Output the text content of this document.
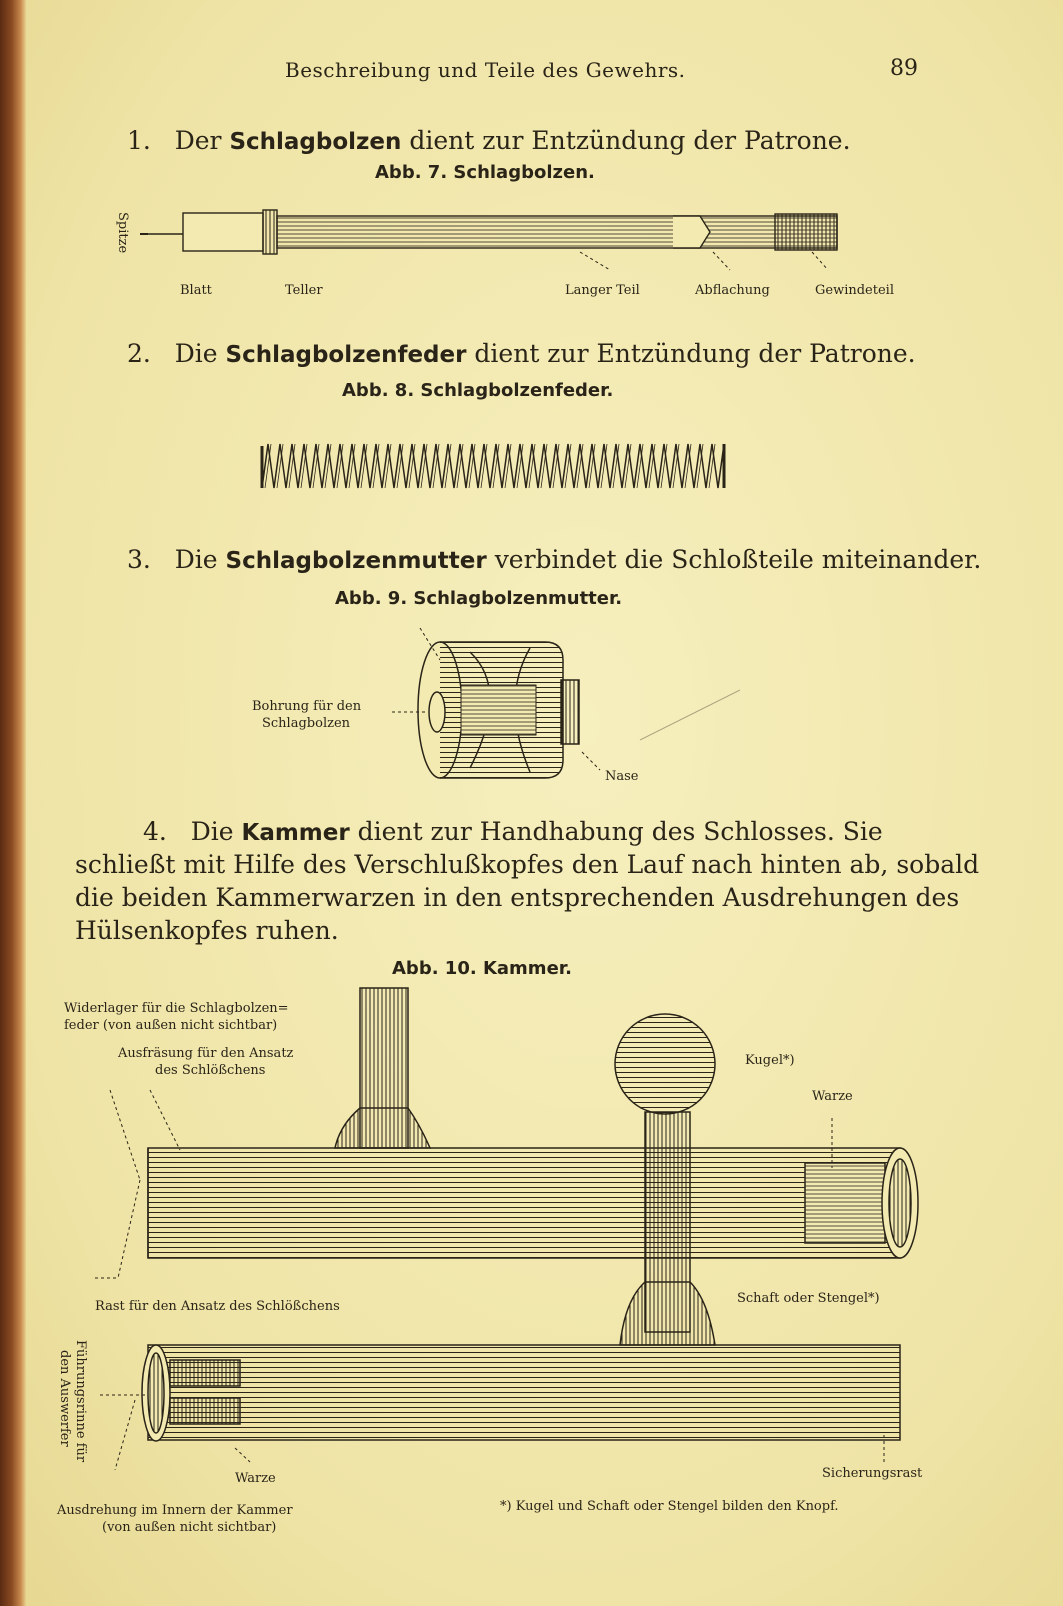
Beschreibung und Teile des Gewehrs.	89
1. Der Schlagbolzen dient zur Entzündung der Patrone.
Abb. 7. Schlagbolzen.
2. Die Schlagbolzenfeder dient zur Entzündung der Patrone.
Abb. 8. Schlagbolzenfeder.
3. Die Schlagbolzenmutter verbindet die Schloßteile miteinander.
Abb. 9. Schlagbolzenmutter.
4. Die Kammer dient zur Handhabung des Schlosses. Sie
schließt mit Hilfe des Verschlußkopfes den Lauf nach hinten ab, sobald
die beiden Kammerwarzen in den entsprechenden Ausdrehungen des
Hülsenkopfes ruhen.
Abb. 10. Kammer.
Spitze
Blatt	Teller	Langer Teil	Abflachung	Gewindeteil
Bohrung für den
Schlagbolzen
Nase
Widerlager für die Schlagbolzen=
feder (von außen nicht sichtbar)
Ausfräsung für den Ansatz
des Schlößchens
Kugel*)
Warze
Rast für den Ansatz des Schlößchens
Schaft oder Stengel*)
Führungsrinne für
den Auswerfer
Warze	Sicherungsrast
Ausdrehung im Innern der Kammer
(von außen nicht sichtbar)
*) Kugel und Schaft oder Stengel bilden den Knopf.
